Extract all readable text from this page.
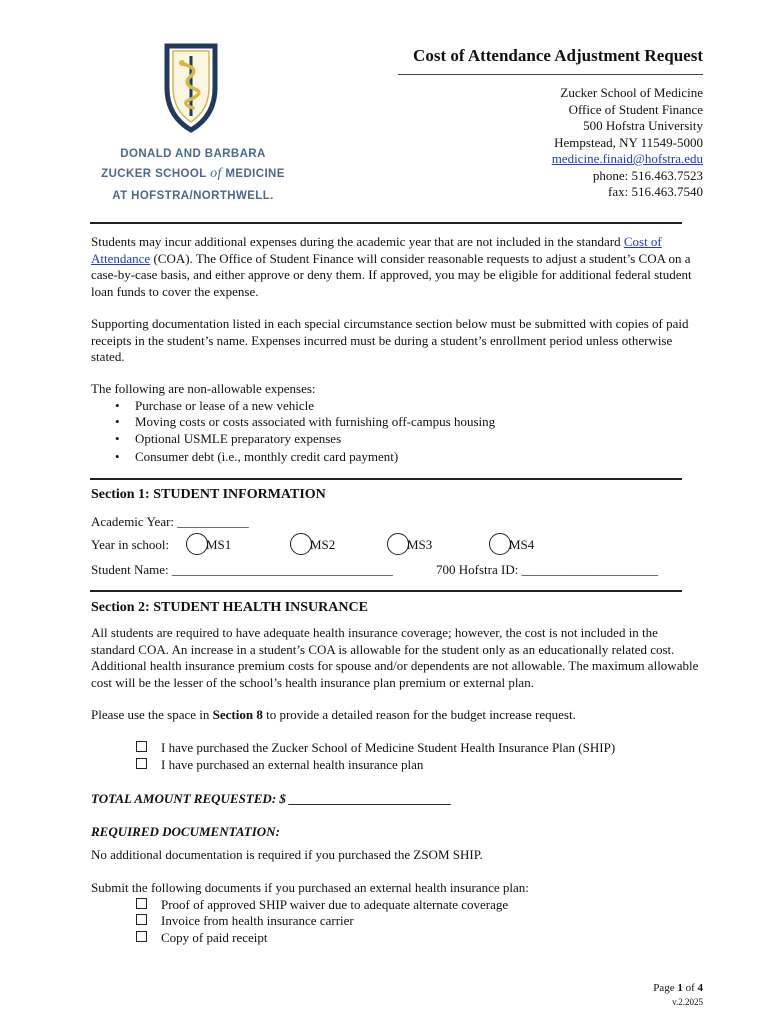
DONALD AND BARBARA
ZUCKER SCHOOL of MEDICINE
AT HOFSTRA/NORTHWELL.
Cost of Attendance Adjustment Request
Zucker School of Medicine
Office of Student Finance
500 Hofstra University
Hempstead, NY 11549-5000
medicine.finaid@hofstra.edu
phone: 516.463.7523
fax: 516.463.7540
Students may incur additional expenses during the academic year that are not included in the standard Cost of Attendance (COA). The Office of Student Finance will consider reasonable requests to adjust a student’s COA on a case-by-case basis, and either approve or deny them. If approved, you may be eligible for additional federal student loan funds to cover the expense.
Supporting documentation listed in each special circumstance section below must be submitted with copies of paid receipts in the student’s name. Expenses incurred must be during a student’s enrollment period unless otherwise stated.
The following are non-allowable expenses:
• Purchase or lease of a new vehicle
• Moving costs or costs associated with furnishing off-campus housing
• Optional USMLE preparatory expenses
• Consumer debt (i.e., monthly credit card payment)
Section 1: STUDENT INFORMATION
Academic Year: ___________
Year in school:	MS1	MS2	MS3	MS4
Student Name: __________________________________	700 Hofstra ID: _____________________
Section 2: STUDENT HEALTH INSURANCE
All students are required to have adequate health insurance coverage; however, the cost is not included in the standard COA. An increase in a student’s COA is allowable for the student only as an educationally related cost. Additional health insurance premium costs for spouse and/or dependents are not allowable. The maximum allowable cost will be the lesser of the school’s health insurance plan premium or external plan.
Please use the space in Section 8 to provide a detailed reason for the budget increase request.
I have purchased the Zucker School of Medicine Student Health Insurance Plan (SHIP)
I have purchased an external health insurance plan
TOTAL AMOUNT REQUESTED: $ _________________________
REQUIRED DOCUMENTATION:
No additional documentation is required if you purchased the ZSOM SHIP.
Submit the following documents if you purchased an external health insurance plan:
Proof of approved SHIP waiver due to adequate alternate coverage
Invoice from health insurance carrier
Copy of paid receipt
Page 1 of 4
v.2.2025
